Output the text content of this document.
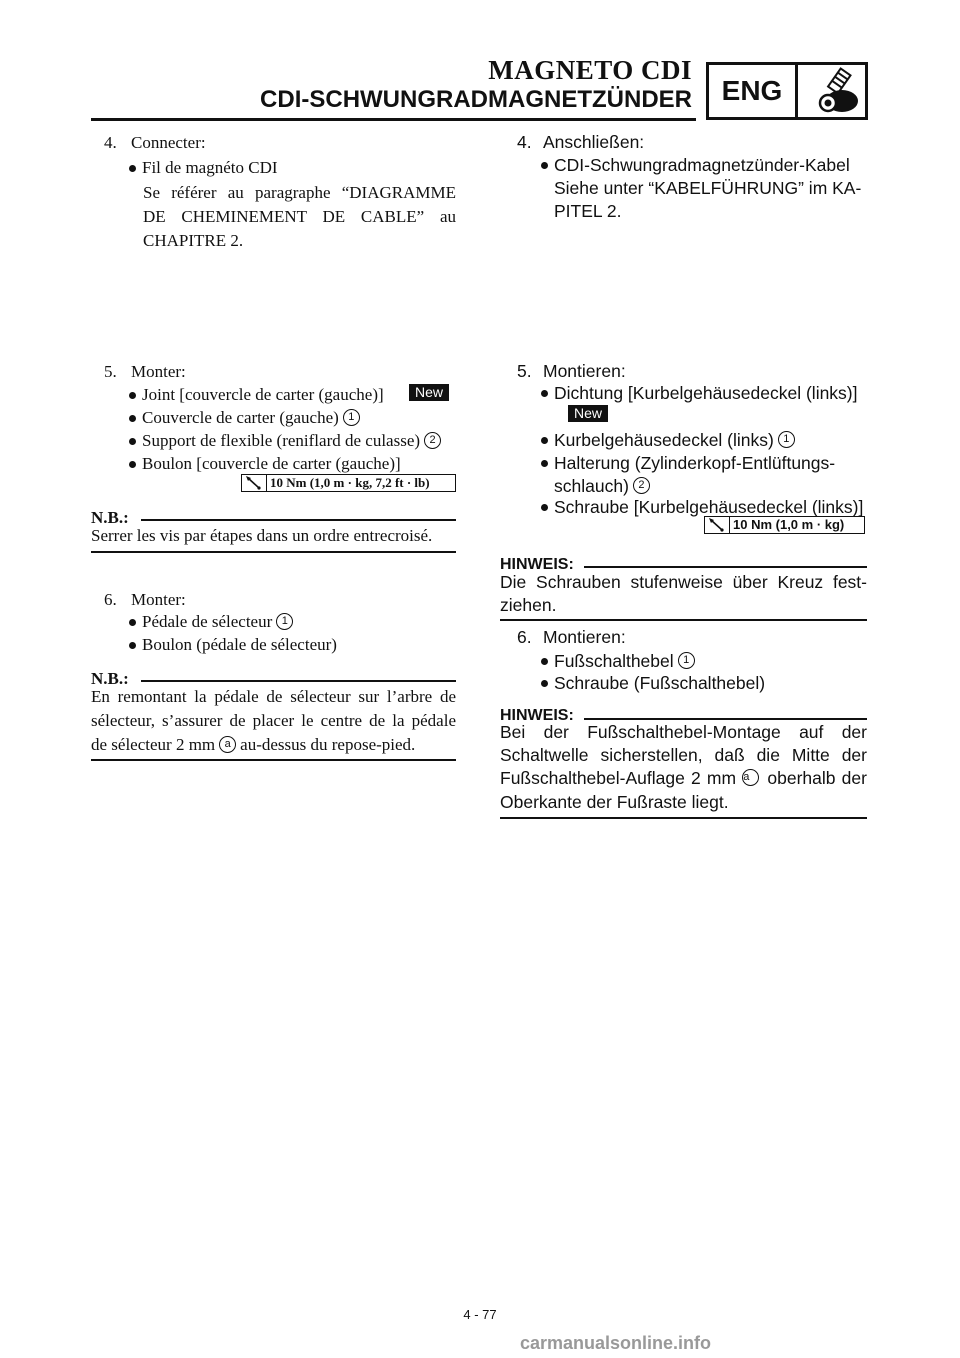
MAGNETO CDI
CDI-SCHWUNGRADMAGNETZÜNDER	ENG
4. Connecter:
Fil de magnéto CDI
Se référer au paragraphe “DIAGRAMME
DE CHEMINEMENT DE CABLE” au
CHAPITRE 2.
5. Monter:
Joint [couvercle de carter (gauche)]	New
Couvercle de carter (gauche) 1
Support de flexible (reniflard de culasse) 2
Boulon [couvercle de carter (gauche)]
10 Nm (1,0 m · kg, 7,2 ft · lb)
N.B.:
Serrer les vis par étapes dans un ordre entrecroisé.
6. Monter:
Pédale de sélecteur 1
Boulon (pédale de sélecteur)
N.B.:
En remontant la pédale de sélecteur sur l’arbre de
sélecteur, s’assurer de placer le centre de la pédale
de sélecteur 2 mm a au-dessus du repose-pied.
4. Anschließen:
CDI-Schwungradmagnetzünder-Kabel
Siehe unter “KABELFÜHRUNG” im KA-
PITEL 2.
5. Montieren:
Dichtung [Kurbelgehäusedeckel (links)]
New
Kurbelgehäusedeckel (links) 1
Halterung (Zylinderkopf-Entlüftungs-
schlauch) 2
Schraube [Kurbelgehäusedeckel (links)]
10 Nm (1,0 m · kg)
HINWEIS:
Die Schrauben stufenweise über Kreuz fest-
ziehen.
6. Montieren:
Fußschalthebel 1
Schraube (Fußschalthebel)
HINWEIS:
Bei der Fußschalthebel-Montage auf der
Schaltwelle sicherstellen, daß die Mitte der
Fußschalthebel-Auflage 2 mm a oberhalb der
Oberkante der Fußraste liegt.
4 - 77
carmanualsonline.info
